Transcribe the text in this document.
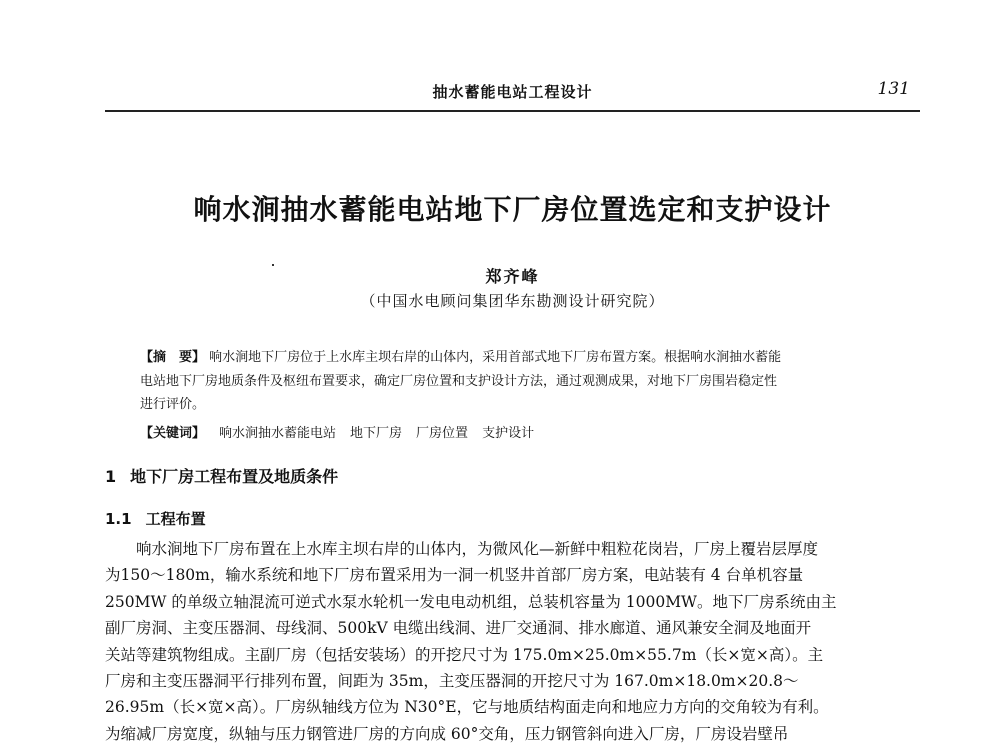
抽水蓄能电站工程设计	131
响水涧抽水蓄能电站地下厂房位置选定和支护设计
郑齐峰
（中国水电顾问集团华东勘测设计研究院）
【摘　要】 响水涧地下厂房位于上水库主坝右岸的山体内，采用首部式地下厂房布置方案。根据响水涧抽水蓄能
电站地下厂房地质条件及枢纽布置要求，确定厂房位置和支护设计方法，通过观测成果，对地下厂房围岩稳定性
进行评价。
【关键词】 响水涧抽水蓄能电站 地下厂房 厂房位置 支护设计
1 地下厂房工程布置及地质条件
1.1 工程布置
响水涧地下厂房布置在上水库主坝右岸的山体内，为微风化—新鲜中粗粒花岗岩，厂房上覆岩层厚度
为150～180m，输水系统和地下厂房布置采用为一洞一机竖井首部厂房方案，电站装有 4 台单机容量
250MW 的单级立轴混流可逆式水泵水轮机一发电电动机组，总装机容量为 1000MW。地下厂房系统由主
副厂房洞、主变压器洞、母线洞、500kV 电缆出线洞、进厂交通洞、排水廊道、通风兼安全洞及地面开
关站等建筑物组成。主副厂房（包括安装场）的开挖尺寸为 175.0m×25.0m×55.7m（长×宽×高）。主
厂房和主变压器洞平行排列布置，间距为 35m，主变压器洞的开挖尺寸为 167.0m×18.0m×20.8～
26.95m（长×宽×高）。厂房纵轴线方位为 N30°E，它与地质结构面走向和地应力方向的交角较为有利。
为缩减厂房宽度，纵轴与压力钢管进厂房的方向成 60°交角，压力钢管斜向进入厂房，厂房设岩壁吊
